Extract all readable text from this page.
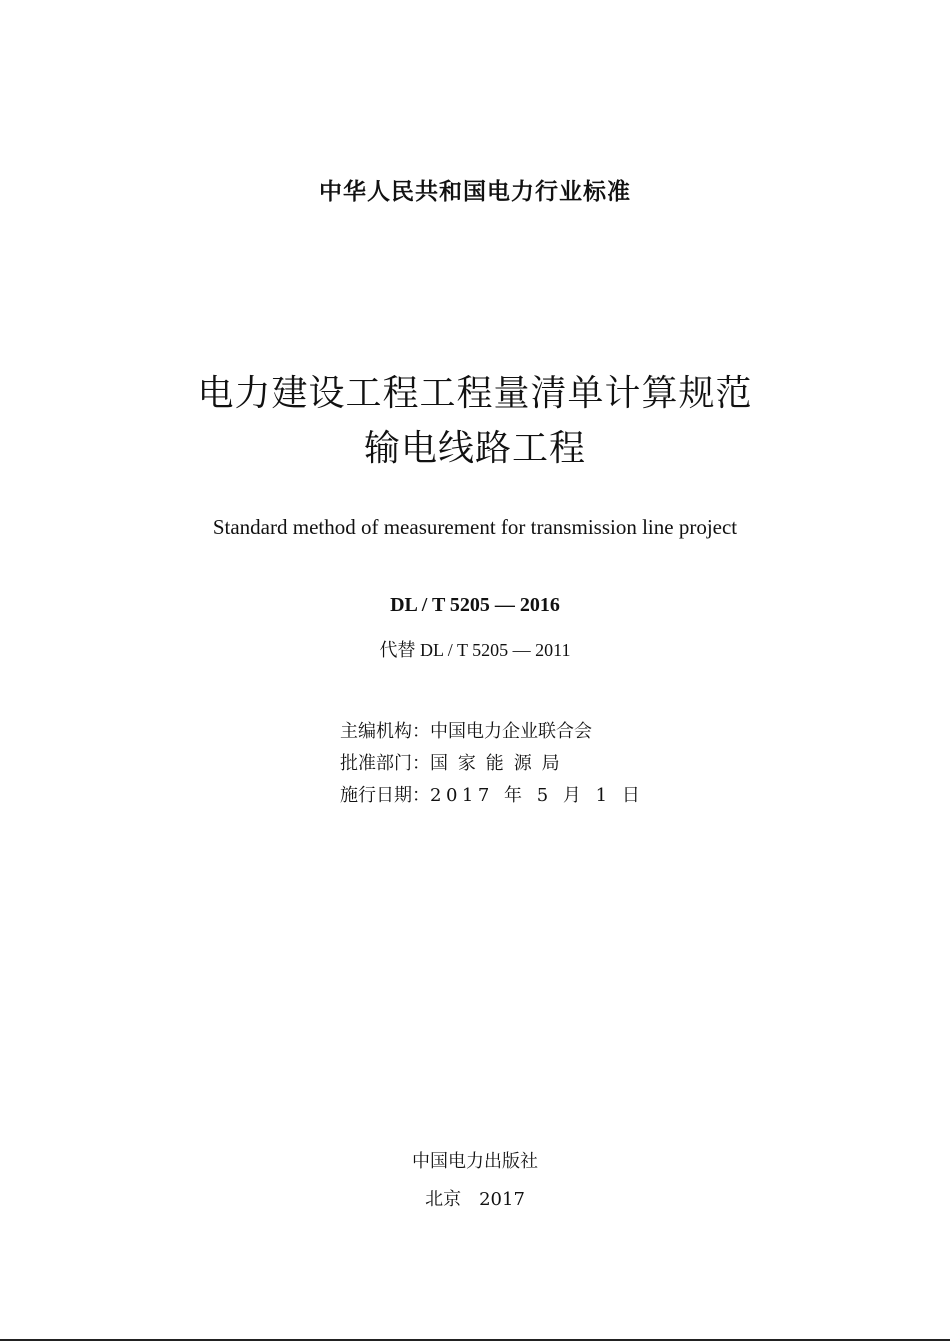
中华人民共和国电力行业标准
电力建设工程工程量清单计算规范
输电线路工程
Standard method of measurement for transmission line project
DL / T 5205 — 2016
代替 DL / T 5205 — 2011
主编机构：中国电力企业联合会
批准部门：国家能源局
施行日期：2017 年 5 月 1 日
中国电力出版社
北京　2017
